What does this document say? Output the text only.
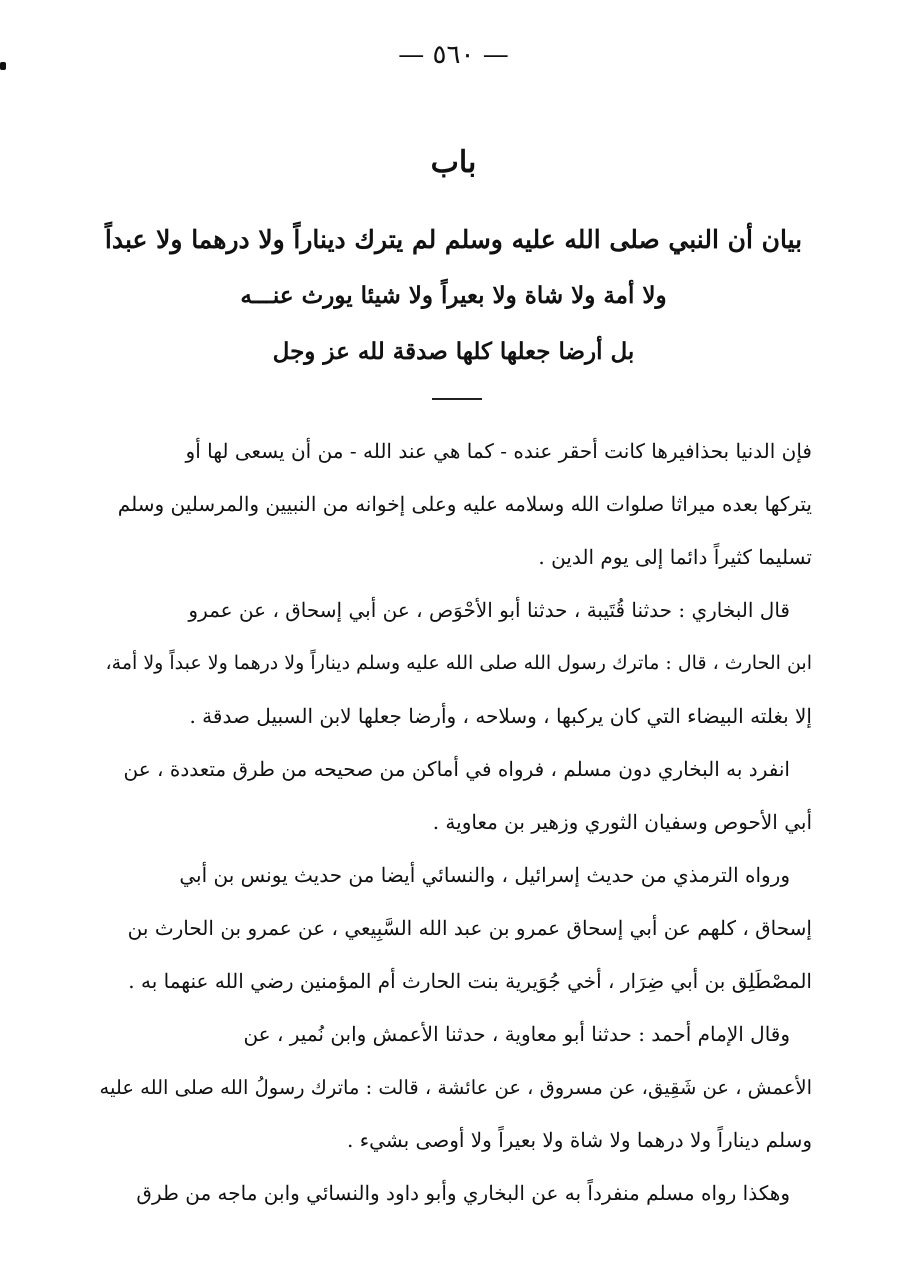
— ٥٦٠ —
باب
بيان أن النبي صلى الله عليه وسلم لم يترك ديناراً ولا درهما ولا عبداً
ولا أمة ولا شاة ولا بعيراً ولا شيئا يورث عنـــه
بل أرضا جعلها كلها صدقة لله عز وجل
فإن الدنيا بحذافيرها كانت أحقر عنده - كما هي عند الله - من أن يسعى لها أو
يتركها بعده ميراثا صلوات الله وسلامه عليه وعلى إخوانه من النبيين والمرسلين وسلم
تسليما كثيراً دائما إلى يوم الدين .
قال البخاري : حدثنا قُتَيبة ، حدثنا أبو الأحْوَص ، عن أبي إسحاق ، عن عمرو
ابن الحارث ، قال : ماترك رسول الله صلى الله عليه وسلم ديناراً ولا درهما ولا عبداً ولا أمة،
إلا بغلته البيضاء التي كان يركبها ، وسلاحه ، وأرضا جعلها لابن السبيل صدقة .
انفرد به البخاري دون مسلم ، فرواه في أماكن من صحيحه من طرق متعددة ، عن
أبي الأحوص وسفيان الثوري وزهير بن معاوية .
ورواه الترمذي من حديث إسرائيل ، والنسائي أيضا من حديث يونس بن أبي
إسحاق ، كلهم عن أبي إسحاق عمرو بن عبد الله السَّبِيعي ، عن عمرو بن الحارث بن
المصْطَلِق بن أبي ضِرَار ، أخي جُوَيرية بنت الحارث أم المؤمنين رضي الله عنهما به .
وقال الإمام أحمد : حدثنا أبو معاوية ، حدثنا الأعمش وابن نُمير ، عن
الأعمش ، عن شَقِيق، عن مسروق ، عن عائشة ، قالت : ماترك رسولُ الله صلى الله عليه
وسلم ديناراً ولا درهما ولا شاة ولا بعيراً ولا أوصى بشيء .
وهكذا رواه مسلم منفرداً به عن البخاري وأبو داود والنسائي وابن ماجه من طرق
